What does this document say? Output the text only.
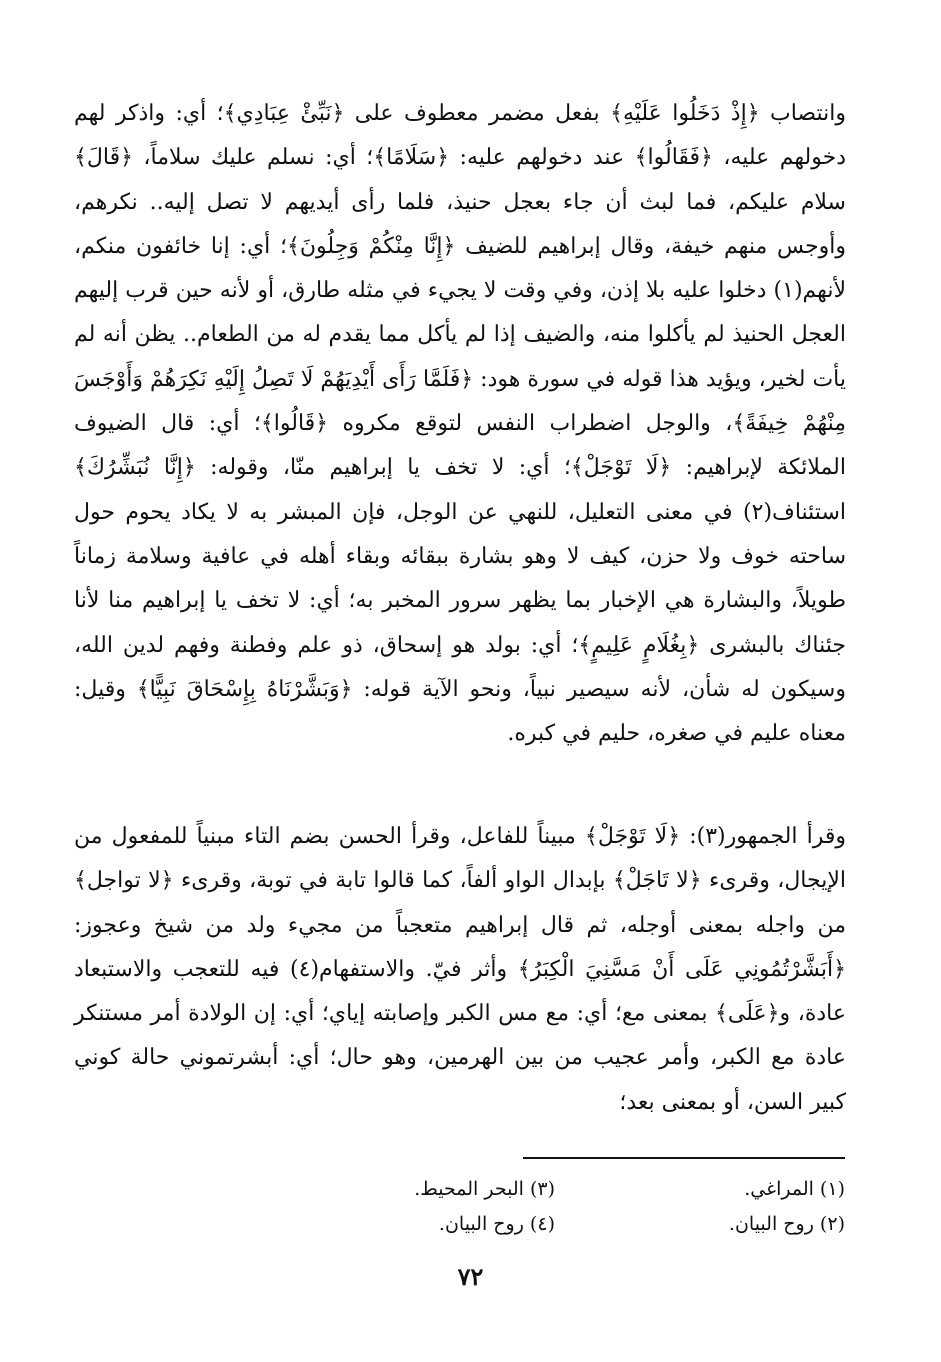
وانتصاب ﴿إِذْ دَخَلُوا عَلَيْهِ﴾ بفعل مضمر معطوف على ﴿نَبِّئْ عِبَادِي﴾؛ أي: واذكر لهم دخولهم عليه، ﴿فَقَالُوا﴾ عند دخولهم عليه: ﴿سَلَامًا﴾؛ أي: نسلم عليك سلاماً، ﴿قَالَ﴾ سلام عليكم، فما لبث أن جاء بعجل حنيذ، فلما رأى أيديهم لا تصل إليه.. نكرهم، وأوجس منهم خيفة، وقال إبراهيم للضيف ﴿إِنَّا مِنْكُمْ وَجِلُونَ﴾؛ أي: إنا خائفون منكم، لأنهم(١) دخلوا عليه بلا إذن، وفي وقت لا يجيء في مثله طارق، أو لأنه حين قرب إليهم العجل الحنيذ لم يأكلوا منه، والضيف إذا لم يأكل مما يقدم له من الطعام.. يظن أنه لم يأت لخير، ويؤيد هذا قوله في سورة هود: ﴿فَلَمَّا رَأَى أَيْدِيَهُمْ لَا تَصِلُ إِلَيْهِ نَكِرَهُمْ وَأَوْجَسَ مِنْهُمْ خِيفَةً﴾، والوجل اضطراب النفس لتوقع مكروه ﴿قَالُوا﴾؛ أي: قال الضيوف الملائكة لإبراهيم: ﴿لَا تَوْجَلْ﴾؛ أي: لا تخف يا إبراهيم منّا، وقوله: ﴿إِنَّا نُبَشِّرُكَ﴾ استئناف(٢) في معنى التعليل، للنهي عن الوجل، فإن المبشر به لا يكاد يحوم حول ساحته خوف ولا حزن، كيف لا وهو بشارة ببقائه وبقاء أهله في عافية وسلامة زماناً طويلاً، والبشارة هي الإخبار بما يظهر سرور المخبر به؛ أي: لا تخف يا إبراهيم منا لأنا جئناك بالبشرى ﴿بِغُلَامٍ عَلِيمٍ﴾؛ أي: بولد هو إسحاق، ذو علم وفطنة وفهم لدين الله، وسيكون له شأن، لأنه سيصير نبياً، ونحو الآية قوله: ﴿وَبَشَّرْنَاهُ بِإِسْحَاقَ نَبِيًّا﴾ وقيل: معناه عليم في صغره، حليم في كبره.

وقرأ الجمهور(٣): ﴿لَا تَوْجَلْ﴾ مبيناً للفاعل، وقرأ الحسن بضم التاء مبنياً للمفعول من الإيجال، وقرىء ﴿لا تَاجَلْ﴾ بإبدال الواو ألفاً، كما قالوا تابة في توبة، وقرىء ﴿لا تواجل﴾ من واجله بمعنى أوجله، ثم قال إبراهيم متعجباً من مجيء ولد من شيخ وعجوز: ﴿أَبَشَّرْتُمُونِي عَلَى أَنْ مَسَّنِيَ الْكِبَرُ﴾ وأثر فيّ. والاستفهام(٤) فيه للتعجب والاستبعاد عادة، و﴿عَلَى﴾ بمعنى مع؛ أي: مع مس الكبر وإصابته إياي؛ أي: إن الولادة أمر مستنكر عادة مع الكبر، وأمر عجيب من بين الهرمين، وهو حال؛ أي: أبشرتموني حالة كوني كبير السن، أو بمعنى بعد؛

(١) المراغي.
(٢) روح البيان.
(٣) البحر المحيط.
(٤) روح البيان.
٧٢
